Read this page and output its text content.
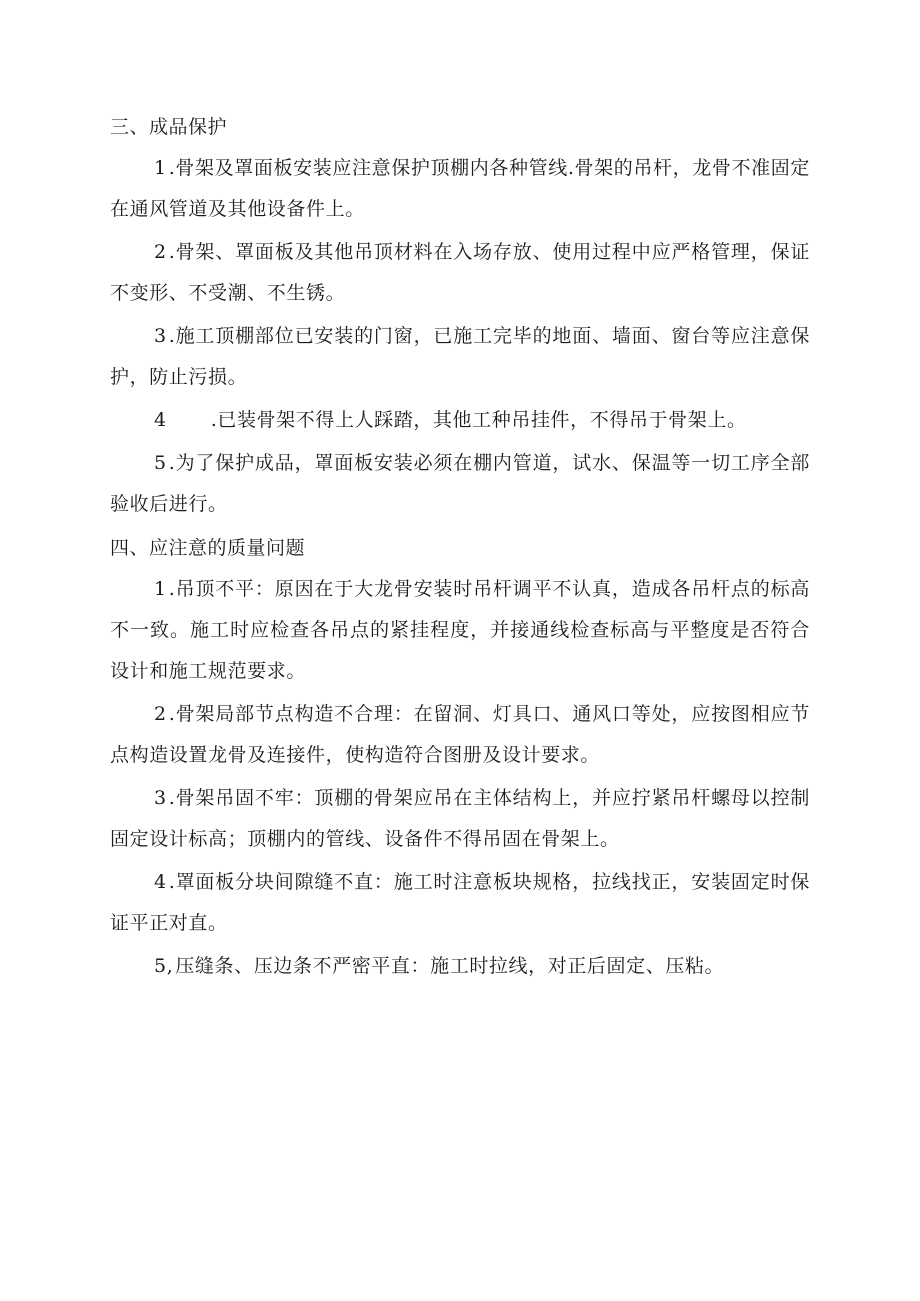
三、成品保护

1 .骨架及罩面板安装应注意保护顶棚内各种管线.骨架的吊杆，龙骨不准固定在通风管道及其他设备件上。

2 .骨架、罩面板及其他吊顶材料在入场存放、使用过程中应严格管理，保证不变形、不受潮、不生锈。

3 .施工顶棚部位已安装的门窗，已施工完毕的地面、墙面、窗台等应注意保护，防止污损。

4 .已装骨架不得上人踩踏，其他工种吊挂件，不得吊于骨架上。

5 .为了保护成品，罩面板安装必须在棚内管道，试水、保温等一切工序全部验收后进行。

四、应注意的质量问题

1 .吊顶不平：原因在于大龙骨安装时吊杆调平不认真，造成各吊杆点的标高不一致。施工时应检查各吊点的紧挂程度，并接通线检查标高与平整度是否符合设计和施工规范要求。

2 .骨架局部节点构造不合理：在留洞、灯具口、通风口等处，应按图相应节点构造设置龙骨及连接件，使构造符合图册及设计要求。

3 .骨架吊固不牢：顶棚的骨架应吊在主体结构上，并应拧紧吊杆螺母以控制固定设计标高；顶棚内的管线、设备件不得吊固在骨架上。

4 .罩面板分块间隙缝不直：施工时注意板块规格，拉线找正，安装固定时保证平正对直。

5, 压缝条、压边条不严密平直：施工时拉线，对正后固定、压粘。
